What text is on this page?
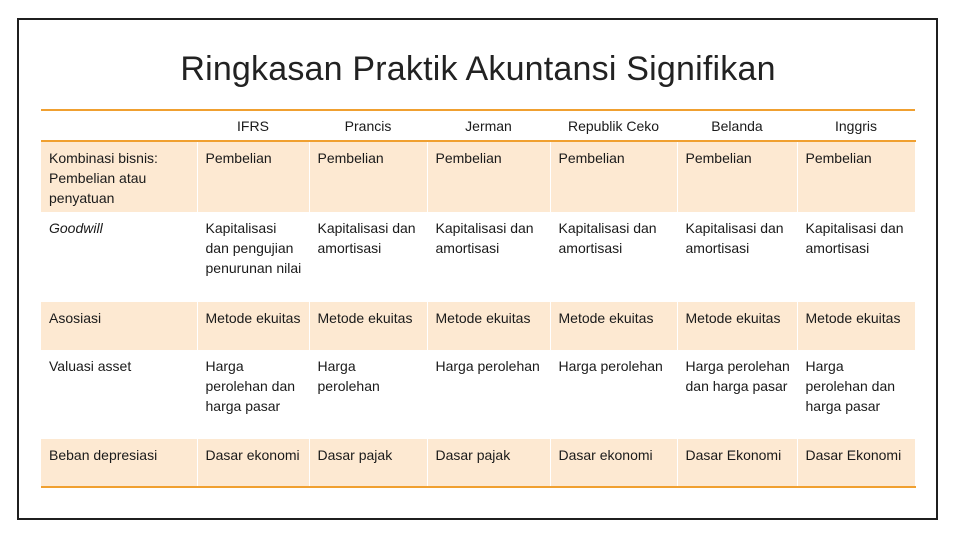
Ringkasan Praktik Akuntansi Signifikan
	IFRS	Prancis	Jerman	Republik Ceko	Belanda	Inggris
Kombinasi bisnis: Pembelian atau penyatuan	Pembelian	Pembelian	Pembelian	Pembelian	Pembelian	Pembelian
Goodwill	Kapitalisasi dan pengujian penurunan nilai	Kapitalisasi dan amortisasi	Kapitalisasi dan amortisasi	Kapitalisasi dan amortisasi	Kapitalisasi dan amortisasi	Kapitalisasi dan amortisasi
Asosiasi	Metode ekuitas	Metode ekuitas	Metode ekuitas	Metode ekuitas	Metode ekuitas	Metode ekuitas
Valuasi asset	Harga perolehan dan harga pasar	Harga perolehan	Harga perolehan	Harga perolehan	Harga perolehan dan harga pasar	Harga perolehan dan harga pasar
Beban depresiasi	Dasar ekonomi	Dasar pajak	Dasar pajak	Dasar ekonomi	Dasar Ekonomi	Dasar Ekonomi
